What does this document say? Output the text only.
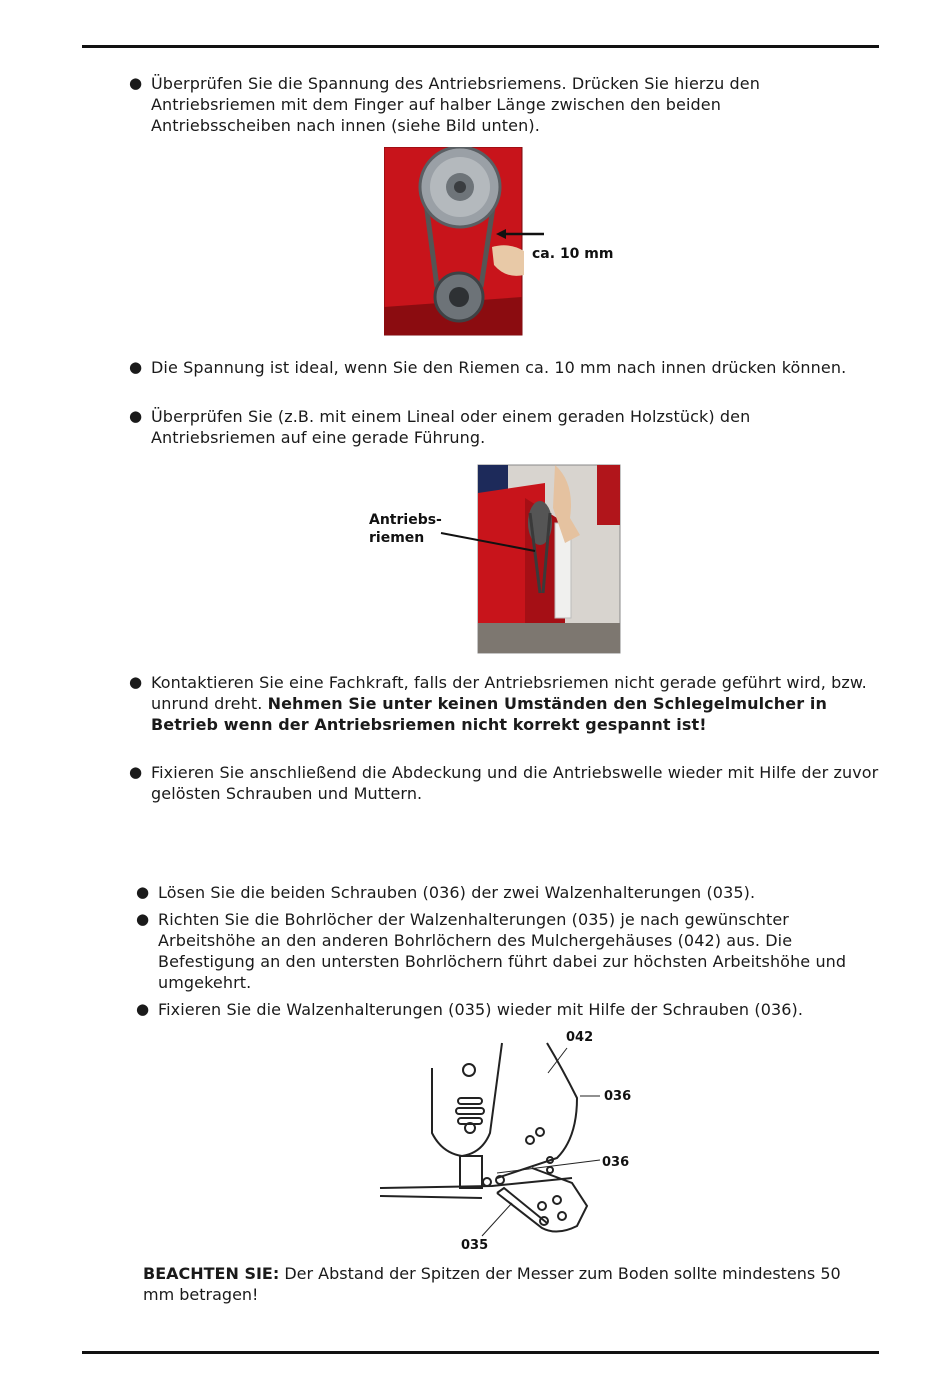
● Überprüfen Sie die Spannung des Antriebsriemens. Drücken Sie hierzu den Antriebsriemen mit dem Finger auf halber Länge zwischen den beiden Antriebsscheiben nach innen (siehe Bild unten).
ca. 10 mm
● Die Spannung ist ideal, wenn Sie den Riemen ca. 10 mm nach innen drücken können.
● Überprüfen Sie (z.B. mit einem Lineal oder einem geraden Holzstück) den Antriebsriemen auf eine gerade Führung.
Antriebs-
riemen
● Kontaktieren Sie eine Fachkraft, falls der Antriebsriemen nicht gerade geführt wird, bzw. unrund dreht. Nehmen Sie unter keinen Umständen den Schlegelmulcher in Betrieb wenn der Antriebsriemen nicht korrekt gespannt ist!
● Fixieren Sie anschließend die Abdeckung und die Antriebswelle wieder mit Hilfe der zuvor gelösten Schrauben und Muttern.
● Lösen Sie die beiden Schrauben (036) der zwei Walzenhalterungen (035).
● Richten Sie die Bohrlöcher der Walzenhalterungen (035) je nach gewünschter Arbeitshöhe an den anderen Bohrlöchern des Mulchergehäuses (042) aus. Die Befestigung an den untersten Bohrlöchern führt dabei zur höchsten Arbeitshöhe und umgekehrt.
● Fixieren Sie die Walzenhalterungen (035) wieder mit Hilfe der Schrauben (036).
042
036
036
035
BEACHTEN SIE: Der Abstand der Spitzen der Messer zum Boden sollte mindestens 50 mm betragen!
